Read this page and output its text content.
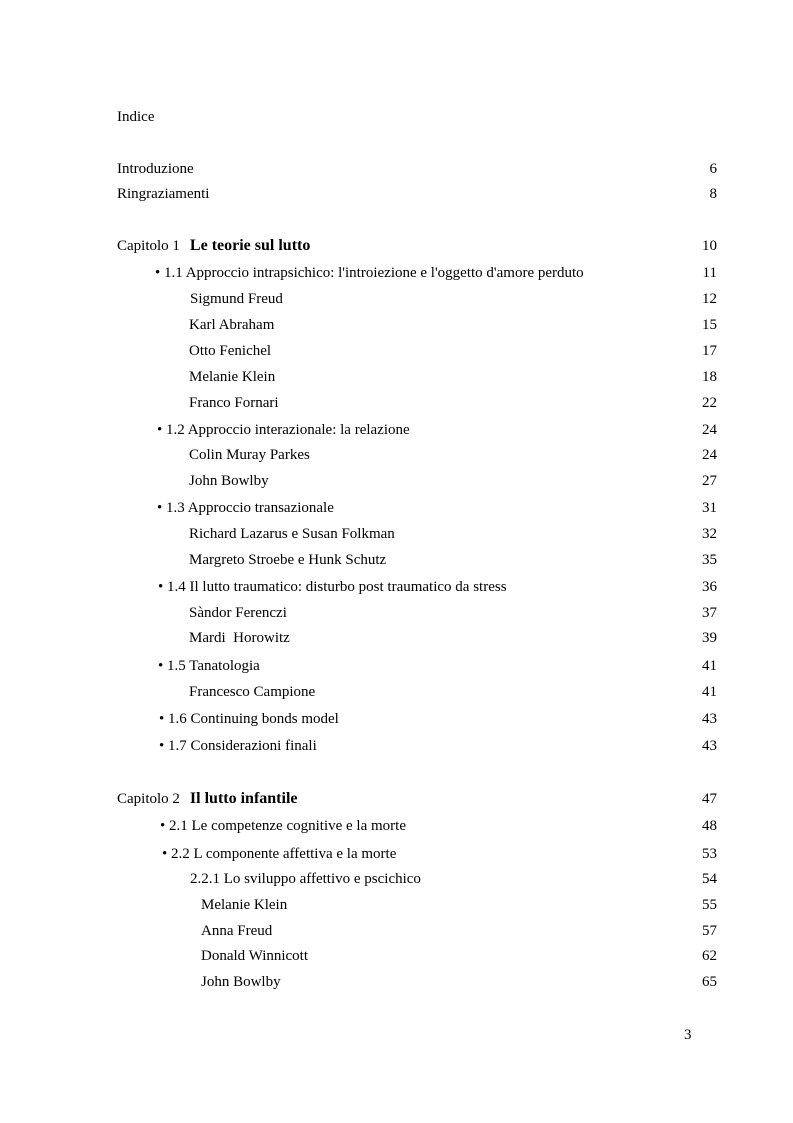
Indice
Introduzione	6
Ringraziamenti	8
Capitolo 1 Le teorie sul lutto	10
• 1.1 Approccio intrapsichico: l'introiezione e l'oggetto d'amore perduto	11
Sigmund Freud	12
Karl Abraham	15
Otto Fenichel	17
Melanie Klein	18
Franco Fornari	22
• 1.2 Approccio interazionale: la relazione	24
Colin Muray Parkes	24
John Bowlby	27
• 1.3 Approccio transazionale	31
Richard Lazarus e Susan Folkman	32
Margreto Stroebe e Hunk Schutz	35
• 1.4 Il lutto traumatico: disturbo post traumatico da stress	36
Sàndor Ferenczi	37
Mardi  Horowitz	39
• 1.5 Tanatologia	41
Francesco Campione	41
• 1.6 Continuing bonds model	43
• 1.7 Considerazioni finali	43
Capitolo 2 Il lutto infantile	47
• 2.1 Le competenze cognitive e la morte	48
• 2.2 L componente affettiva e la morte	53
2.2.1 Lo sviluppo affettivo e pscichico	54
Melanie Klein	55
Anna Freud	57
Donald Winnicott	62
John Bowlby	65
3
